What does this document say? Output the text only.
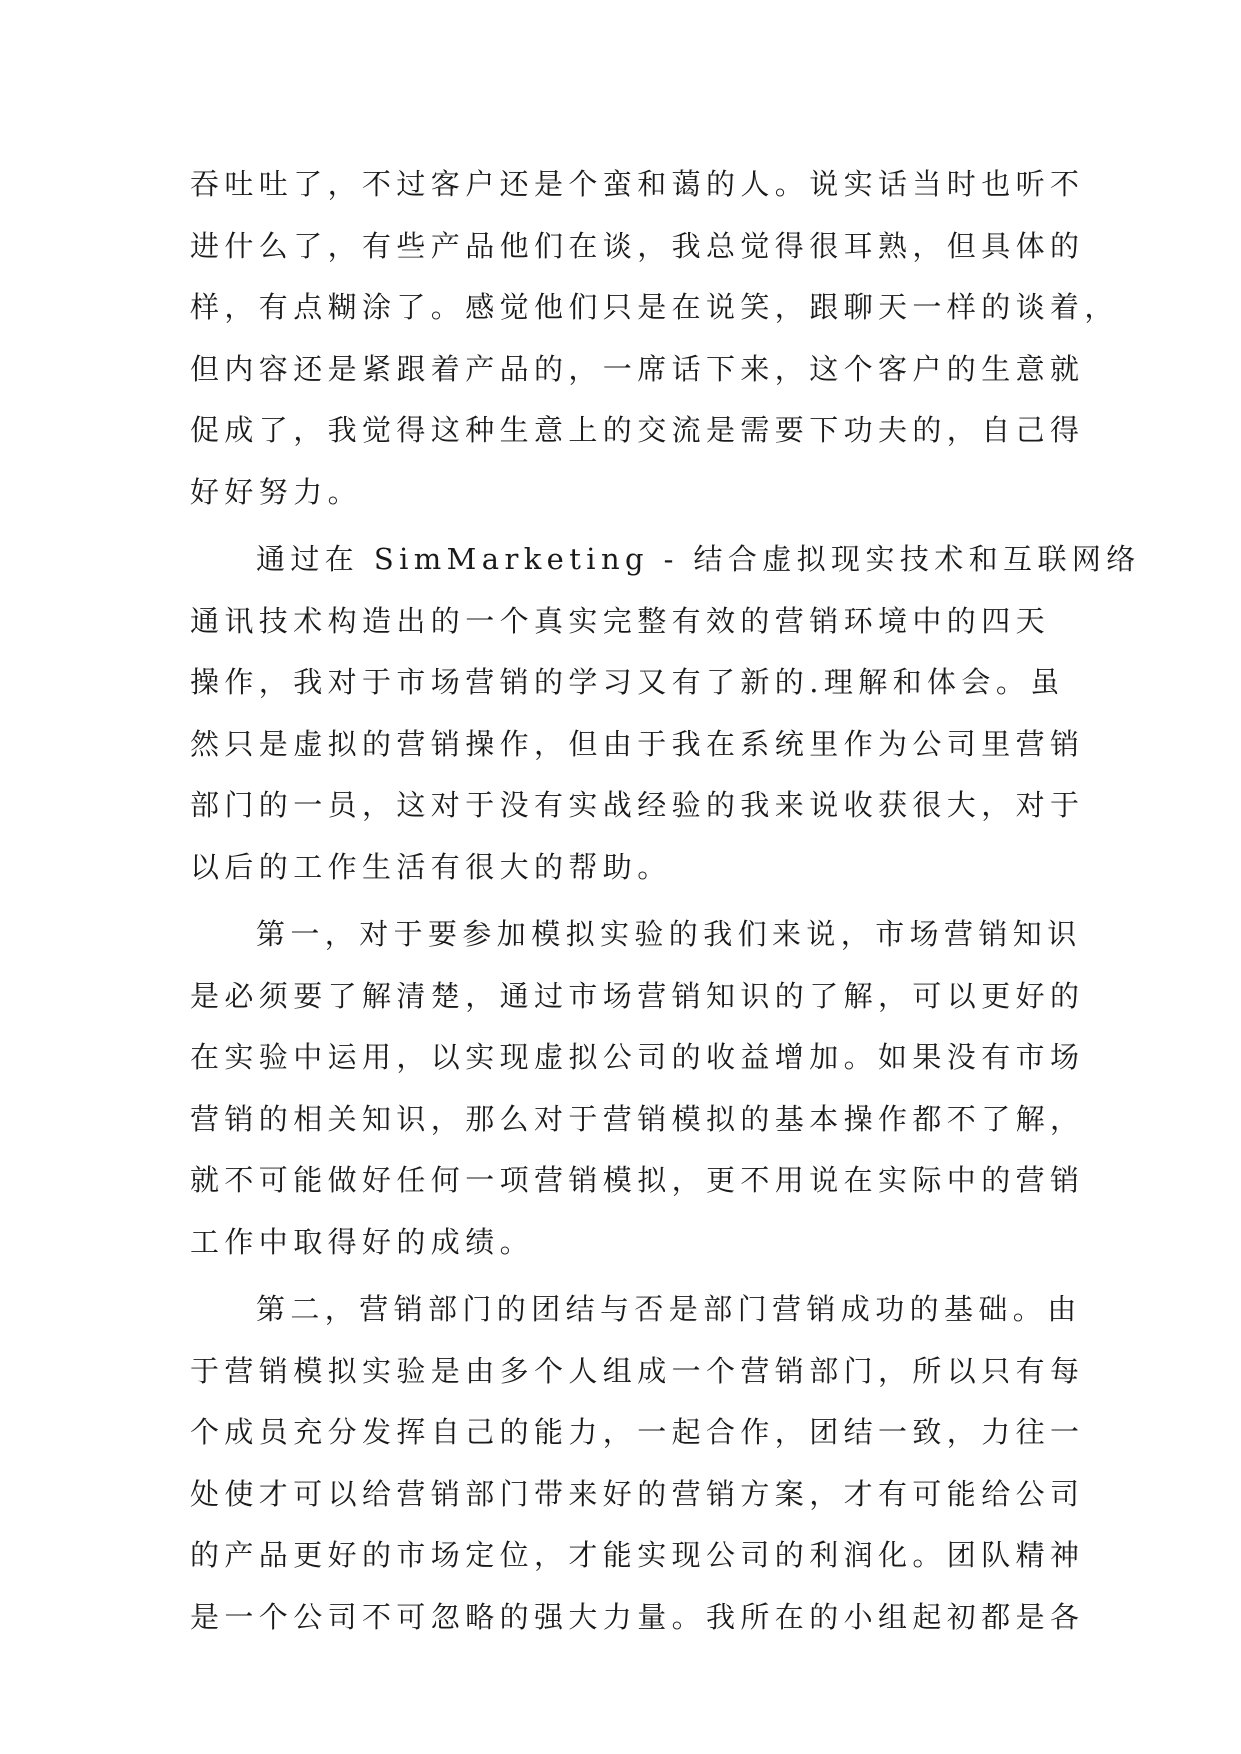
吞吐吐了，不过客户还是个蛮和蔼的人。说实话当时也听不
进什么了，有些产品他们在谈，我总觉得很耳熟，但具体的
样，有点糊涂了。感觉他们只是在说笑，跟聊天一样的谈着，
但内容还是紧跟着产品的，一席话下来，这个客户的生意就
促成了，我觉得这种生意上的交流是需要下功夫的，自己得
好好努力。
通过在 SimMarketing - 结合虚拟现实技术和互联网络
通讯技术构造出的一个真实完整有效的营销环境中的四天
操作，我对于市场营销的学习又有了新的.理解和体会。虽
然只是虚拟的营销操作，但由于我在系统里作为公司里营销
部门的一员，这对于没有实战经验的我来说收获很大，对于
以后的工作生活有很大的帮助。
第一，对于要参加模拟实验的我们来说，市场营销知识
是必须要了解清楚，通过市场营销知识的了解，可以更好的
在实验中运用，以实现虚拟公司的收益增加。如果没有市场
营销的相关知识，那么对于营销模拟的基本操作都不了解，
就不可能做好任何一项营销模拟，更不用说在实际中的营销
工作中取得好的成绩。
第二，营销部门的团结与否是部门营销成功的基础。由
于营销模拟实验是由多个人组成一个营销部门，所以只有每
个成员充分发挥自己的能力，一起合作，团结一致，力往一
处使才可以给营销部门带来好的营销方案，才有可能给公司
的产品更好的市场定位，才能实现公司的利润化。团队精神
是一个公司不可忽略的强大力量。我所在的小组起初都是各
